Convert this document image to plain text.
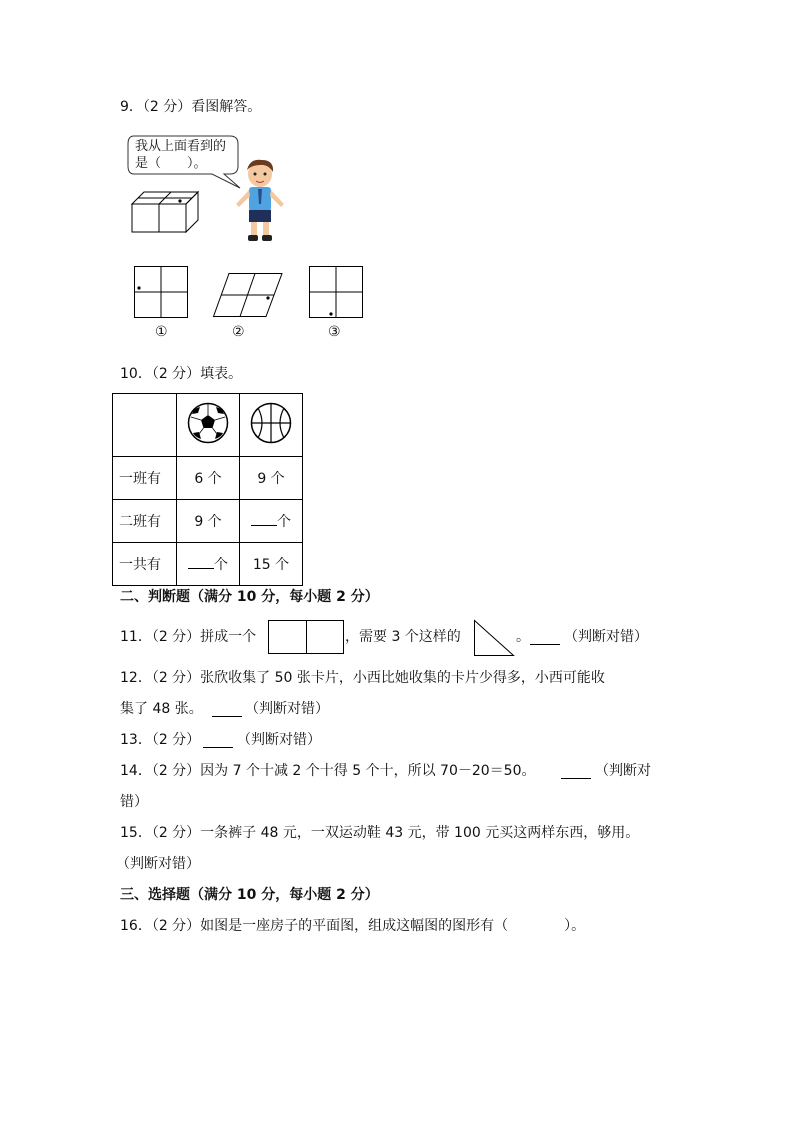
9．（2 分）看图解答。
我从上面看到的
是（　　）。
①	②	③
10．（2 分）填表。

一班有	6 个	9 个
二班有	9 个	个
一共有	个	15 个
二、判断题（满分 10 分，每小题 2 分）
11．（2 分）拼成一个	，需要 3 个这样的	。 （判断对错）
12．（2 分）张欣收集了 50 张卡片，小西比她收集的卡片少得多，小西可能收
集了 48 张。	（判断对错）
13．（2 分）	（判断对错）
14．（2 分）因为 7 个十减 2 个十得 5 个十，所以 70－20＝50。	（判断对
错）
15．（2 分）一条裤子 48 元，一双运动鞋 43 元，带 100 元买这两样东西，够用。
（判断对错）
三、选择题（满分 10 分，每小题 2 分）
16．（2 分）如图是一座房子的平面图，组成这幅图的图形有（　　　　）。
